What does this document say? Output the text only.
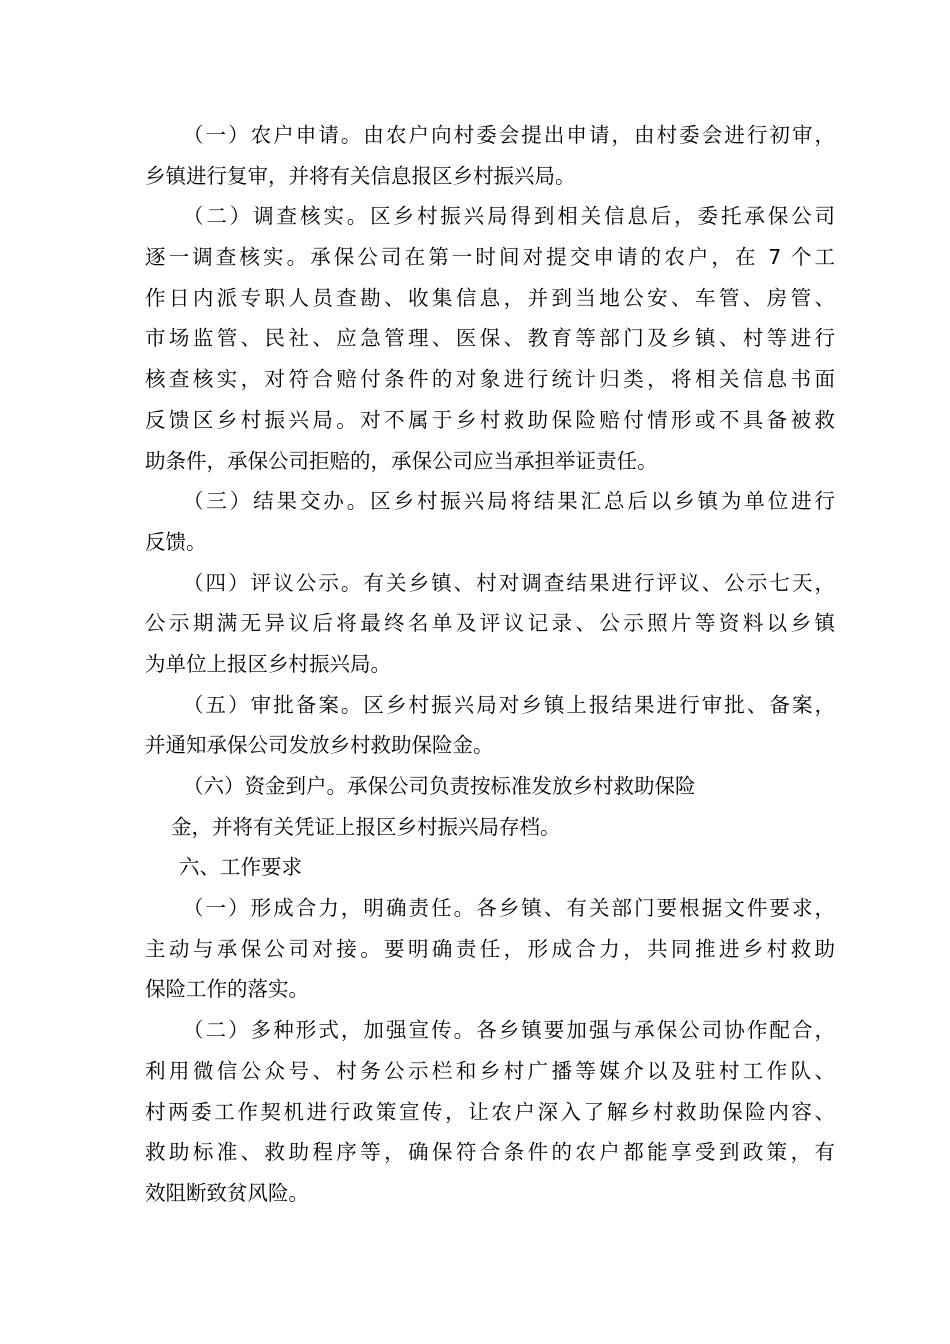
（一）农户申请。由农户向村委会提出申请，由村委会进行初审，
乡镇进行复审，并将有关信息报区乡村振兴局。
（二）调查核实。区乡村振兴局得到相关信息后，委托承保公司
逐一调查核实。承保公司在第一时间对提交申请的农户，在 7 个工
作日内派专职人员查勘、收集信息，并到当地公安、车管、房管、
市场监管、民社、应急管理、医保、教育等部门及乡镇、村等进行
核查核实，对符合赔付条件的对象进行统计归类，将相关信息书面
反馈区乡村振兴局。对不属于乡村救助保险赔付情形或不具备被救
助条件，承保公司拒赔的，承保公司应当承担举证责任。
（三）结果交办。区乡村振兴局将结果汇总后以乡镇为单位进行
反馈。
（四）评议公示。有关乡镇、村对调查结果进行评议、公示七天，
公示期满无异议后将最终名单及评议记录、公示照片等资料以乡镇
为单位上报区乡村振兴局。
（五）审批备案。区乡村振兴局对乡镇上报结果进行审批、备案，
并通知承保公司发放乡村救助保险金。
（六）资金到户。承保公司负责按标准发放乡村救助保险
金，并将有关凭证上报区乡村振兴局存档。
六、工作要求
（一）形成合力，明确责任。各乡镇、有关部门要根据文件要求，
主动与承保公司对接。要明确责任，形成合力，共同推进乡村救助
保险工作的落实。
（二）多种形式，加强宣传。各乡镇要加强与承保公司协作配合，
利用微信公众号、村务公示栏和乡村广播等媒介以及驻村工作队、
村两委工作契机进行政策宣传，让农户深入了解乡村救助保险内容、
救助标准、救助程序等，确保符合条件的农户都能享受到政策，有
效阻断致贫风险。
